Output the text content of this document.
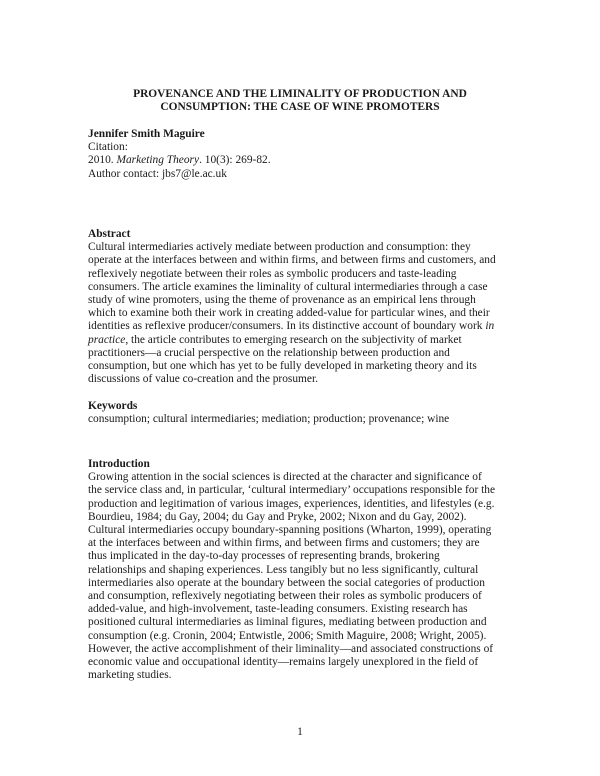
PROVENANCE AND THE LIMINALITY OF PRODUCTION AND
CONSUMPTION: THE CASE OF WINE PROMOTERS
Jennifer Smith Maguire
Citation:
2010. Marketing Theory. 10(3): 269-82.
Author contact: jbs7@le.ac.uk
Abstract
Cultural intermediaries actively mediate between production and consumption: they
operate at the interfaces between and within firms, and between firms and customers, and
reflexively negotiate between their roles as symbolic producers and taste-leading
consumers. The article examines the liminality of cultural intermediaries through a case
study of wine promoters, using the theme of provenance as an empirical lens through
which to examine both their work in creating added-value for particular wines, and their
identities as reflexive producer/consumers. In its distinctive account of boundary work in
practice, the article contributes to emerging research on the subjectivity of market
practitioners—a crucial perspective on the relationship between production and
consumption, but one which has yet to be fully developed in marketing theory and its
discussions of value co-creation and the prosumer.
Keywords
consumption; cultural intermediaries; mediation; production; provenance; wine
Introduction
Growing attention in the social sciences is directed at the character and significance of
the service class and, in particular, ‘cultural intermediary’ occupations responsible for the
production and legitimation of various images, experiences, identities, and lifestyles (e.g.
Bourdieu, 1984; du Gay, 2004; du Gay and Pryke, 2002; Nixon and du Gay, 2002).
Cultural intermediaries occupy boundary-spanning positions (Wharton, 1999), operating
at the interfaces between and within firms, and between firms and customers; they are
thus implicated in the day-to-day processes of representing brands, brokering
relationships and shaping experiences. Less tangibly but no less significantly, cultural
intermediaries also operate at the boundary between the social categories of production
and consumption, reflexively negotiating between their roles as symbolic producers of
added-value, and high-involvement, taste-leading consumers. Existing research has
positioned cultural intermediaries as liminal figures, mediating between production and
consumption (e.g. Cronin, 2004; Entwistle, 2006; Smith Maguire, 2008; Wright, 2005).
However, the active accomplishment of their liminality—and associated constructions of
economic value and occupational identity—remains largely unexplored in the field of
marketing studies.
1
